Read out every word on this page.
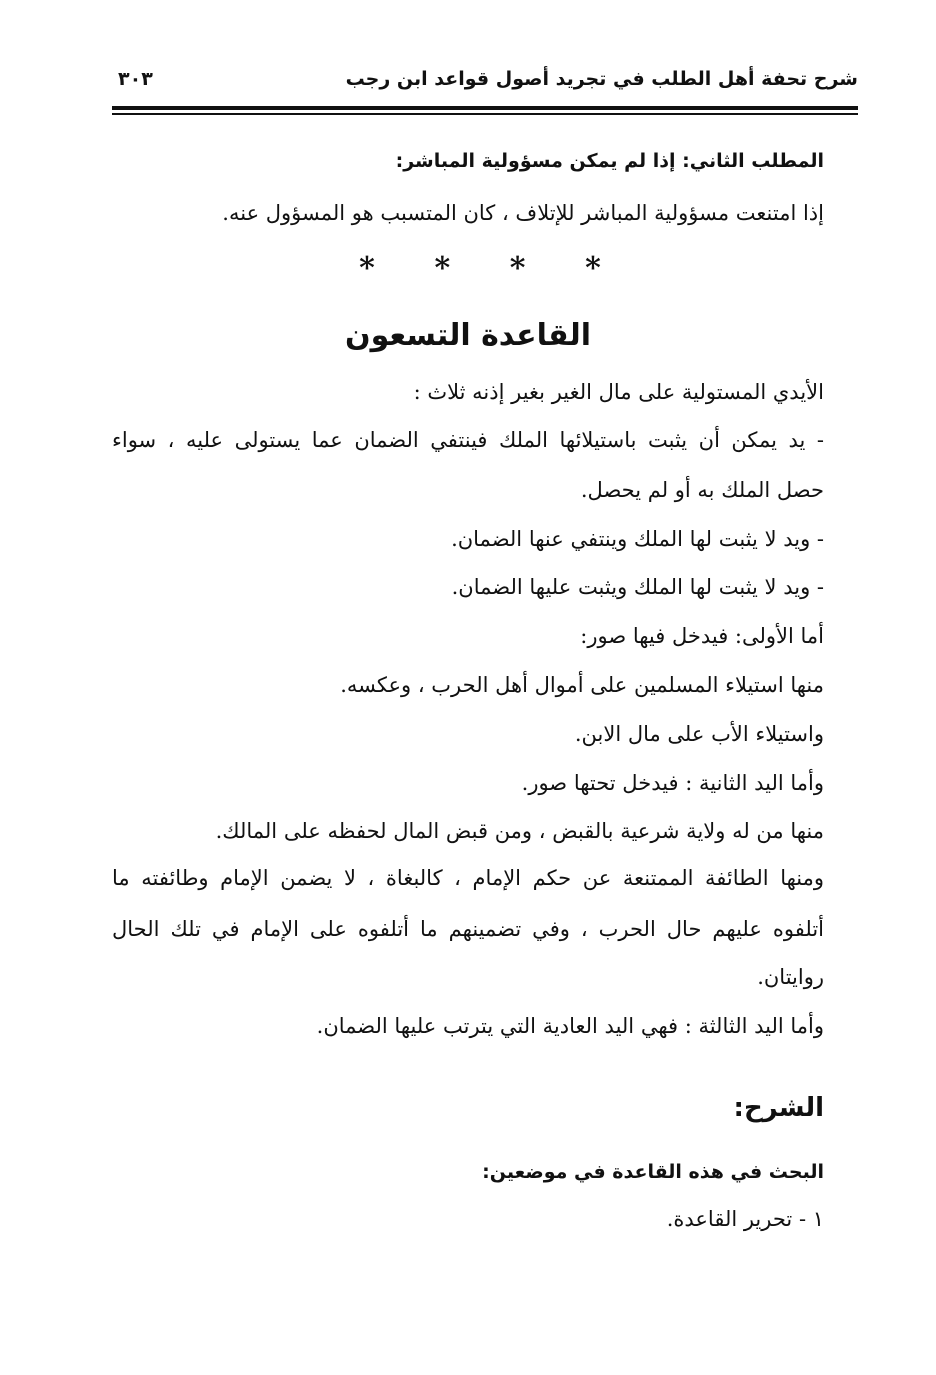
شرح تحفة أهل الطلب في تجريد أصول قواعد ابن رجب
٣٠٣
المطلب الثاني: إذا لم يمكن مسؤولية المباشر:
إذا امتنعت مسؤولية المباشر للإتلاف ، كان المتسبب هو المسؤول عنه.
*	*	*	*
القاعدة التسعون
الأيدي المستولية على مال الغير بغير إذنه ثلاث :
- يد يمكن أن يثبت باستيلائها الملك فينتفي الضمان عما يستولى عليه ، سواء
حصل الملك به أو لم يحصل.
- ويد لا يثبت لها الملك وينتفي عنها الضمان.
- ويد لا يثبت لها الملك ويثبت عليها الضمان.
أما الأولى: فيدخل فيها صور:
منها استيلاء المسلمين على أموال أهل الحرب ، وعكسه.
واستيلاء الأب على مال الابن.
وأما اليد الثانية : فيدخل تحتها صور.
منها من له ولاية شرعية بالقبض ، ومن قبض المال لحفظه على المالك.
ومنها الطائفة الممتنعة عن حكم الإمام ، كالبغاة ، لا يضمن الإمام وطائفته ما
أتلفوه عليهم حال الحرب ، وفي تضمينهم ما أتلفوه على الإمام في تلك الحال
روايتان.
وأما اليد الثالثة : فهي اليد العادية التي يترتب عليها الضمان.
الشرح:
البحث في هذه القاعدة في موضعين:
١ - تحرير القاعدة.
